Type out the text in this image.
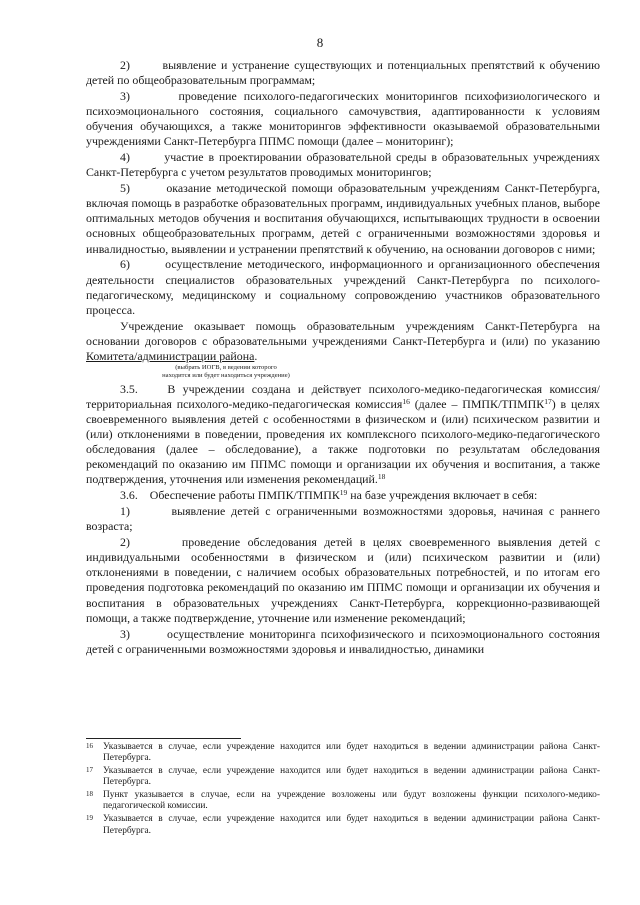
8

2)       выявление и устранение существующих и потенциальных препятствий к обучению детей по общеобразовательным программам;

3)       проведение психолого-педагогических мониторингов психофизиологического и психоэмоционального состояния, социального самочувствия, адаптированности к условиям обучения обучающихся, а также мониторингов эффективности оказываемой образовательными учреждениями Санкт-Петербурга ППМС помощи (далее – мониторинг);

4)       участие в проектировании образовательной среды в образовательных учреждениях Санкт-Петербурга с учетом результатов проводимых мониторингов;

5)       оказание методической помощи образовательным учреждениям Санкт-Петербурга, включая помощь в разработке образовательных программ, индивидуальных учебных планов, выборе оптимальных методов обучения и воспитания обучающихся, испытывающих трудности в освоении основных общеобразовательных программ, детей с ограниченными возможностями здоровья и инвалидностью, выявлении и устранении препятствий к обучению, на основании договоров с ними;

6)       осуществление методического, информационного и организационного обеспечения деятельности специалистов образовательных учреждений Санкт-Петербурга по психолого-педагогическому, медицинскому и социальному сопровождению участников образовательного процесса.

Учреждение оказывает помощь образовательным учреждениям Санкт-Петербурга на основании договоров с образовательными учреждениями Санкт-Петербурга и (или) по указанию Комитета/администрации района.

(выбрать ИОГВ, в ведении которого
находится или будет находиться учреждение)

3.5.    В учреждении создана и действует психолого-медико-педагогическая комиссия/территориальная психолого-медико-педагогическая комиссия$^{16}$ (далее – ПМПК/ТПМПК$^{17}$) в целях своевременного выявления детей с особенностями в физическом и (или) психическом развитии и (или) отклонениями в поведении, проведения их комплексного психолого-медико-педагогического обследования (далее – обследование), а также подготовки по результатам обследования рекомендаций по оказанию им ППМС помощи и организации их обучения и воспитания, а также подтверждения, уточнения или изменения рекомендаций.$^{18}$

3.6.    Обеспечение работы ПМПК/ТПМПК$^{19}$ на базе учреждения включает в себя:

1)       выявление детей с ограниченными возможностями здоровья, начиная с раннего возраста;

2)       проведение обследования детей в целях своевременного выявления детей с индивидуальными особенностями в физическом и (или) психическом развитии и (или) отклонениями в поведении, с наличием особых образовательных потребностей, и по итогам его проведения подготовка рекомендаций по оказанию им ППМС помощи и организации их обучения и воспитания в образовательных учреждениях Санкт-Петербурга, коррекционно-развивающей помощи, а также подтверждение, уточнение или изменение рекомендаций;

3)       осуществление мониторинга психофизического и психоэмоционального состояния детей с ограниченными возможностями здоровья и инвалидностью, динамики

16	Указывается в случае, если учреждение находится или будет находиться в ведении администрации района Санкт-Петербурга.
17	Указывается в случае, если учреждение находится или будет находиться в ведении администрации района Санкт-Петербурга.
18	Пункт указывается в случае, если на учреждение возложены или будут возложены функции психолого-медико-педагогической комиссии.
19	Указывается в случае, если учреждение находится или будет находиться в ведении администрации района Санкт-Петербурга.
